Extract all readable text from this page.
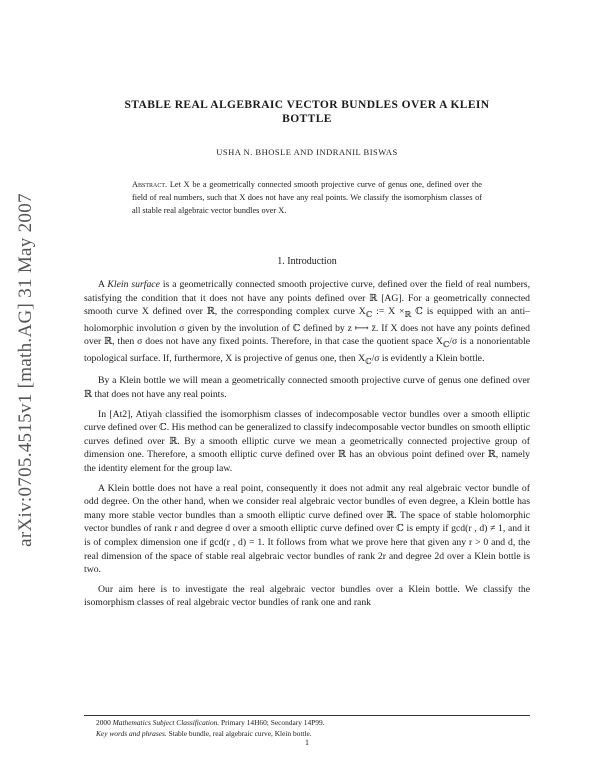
arXiv:0705.4515v1 [math.AG] 31 May 2007
STABLE REAL ALGEBRAIC VECTOR BUNDLES OVER A KLEIN
BOTTLE
USHA N. BHOSLE AND INDRANIL BISWAS
Abstract. Let X be a geometrically connected smooth projective curve of genus one, defined over the field of real numbers, such that X does not have any real points. We classify the isomorphism classes of all stable real algebraic vector bundles over X.
1. Introduction

A Klein surface is a geometrically connected smooth projective curve, defined over the field of real numbers, satisfying the condition that it does not have any points defined over ℝ [AG]. For a geometrically connected smooth curve X defined over ℝ, the corresponding complex curve $X_ℂ$ := $X \times_ℝ$ ℂ is equipped with an anti–holomorphic involution σ given by the involution of ℂ defined by z ⟼ z̄. If X does not have any points defined over ℝ, then σ does not have any fixed points. Therefore, in that case the quotient space $X_ℂ/\sigma$ is a nonorientable topological surface. If, furthermore, X is projective of genus one, then $X_ℂ/\sigma$ is evidently a Klein bottle.

By a Klein bottle we will mean a geometrically connected smooth projective curve of genus one defined over ℝ that does not have any real points.

In [At2], Atiyah classified the isomorphism classes of indecomposable vector bundles over a smooth elliptic curve defined over ℂ. His method can be generalized to classify indecomposable vector bundles on smooth elliptic curves defined over ℝ. By a smooth elliptic curve we mean a geometrically connected projective group of dimension one. Therefore, a smooth elliptic curve defined over ℝ has an obvious point defined over ℝ, namely the identity element for the group law.

A Klein bottle does not have a real point, consequently it does not admit any real algebraic vector bundle of odd degree. On the other hand, when we consider real algebraic vector bundles of even degree, a Klein bottle has many more stable vector bundles than a smooth elliptic curve defined over ℝ. The space of stable holomorphic vector bundles of rank r and degree d over a smooth elliptic curve defined over ℂ is empty if gcd(r , d) ≠ 1, and it is of complex dimension one if gcd(r , d) = 1. It follows from what we prove here that given any r > 0 and d, the real dimension of the space of stable real algebraic vector bundles of rank 2r and degree 2d over a Klein bottle is two.

Our aim here is to investigate the real algebraic vector bundles over a Klein bottle. We classify the isomorphism classes of real algebraic vector bundles of rank one and rank

2000 Mathematics Subject Classification. Primary 14H60; Secondary 14P99.
Key words and phrases. Stable bundle, real algebraic curve, Klein bottle.
1
